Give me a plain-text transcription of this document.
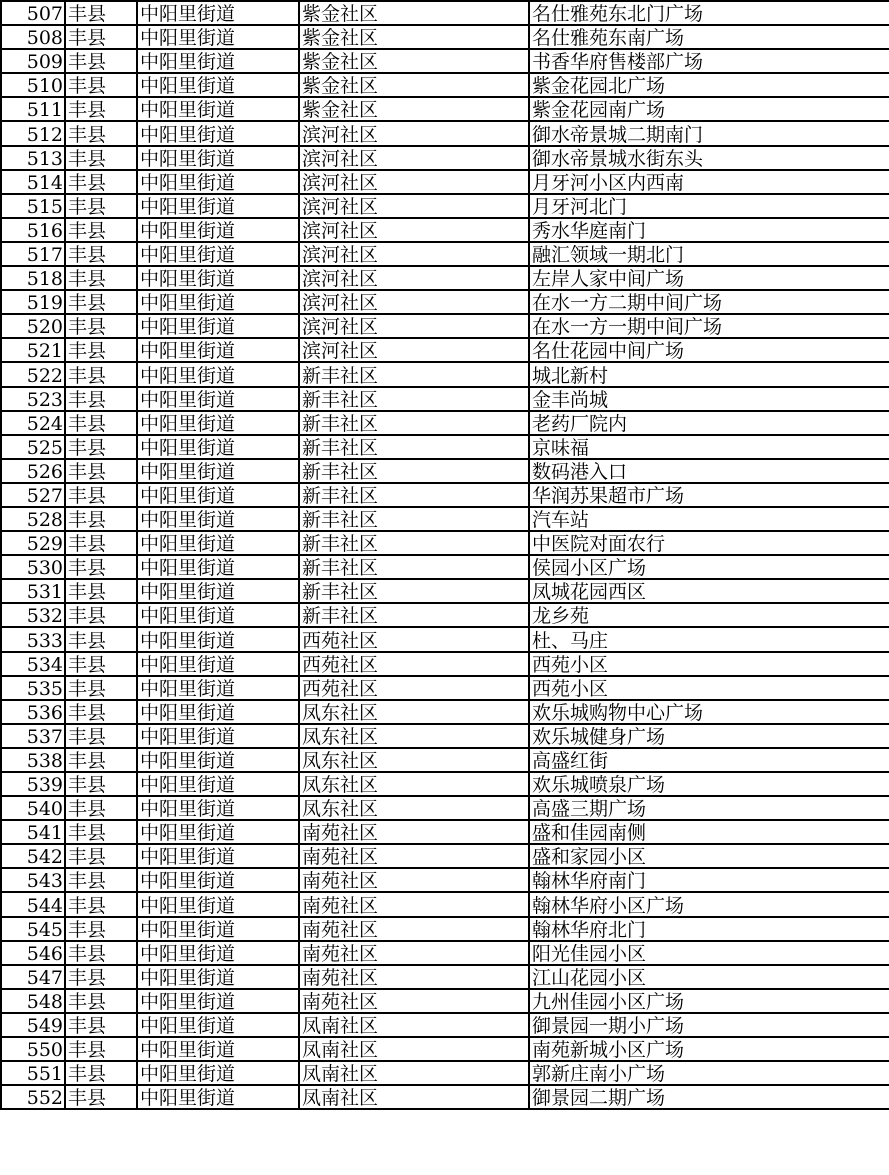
507	丰县	中阳里街道	紫金社区	名仕雅苑东北门广场
508	丰县	中阳里街道	紫金社区	名仕雅苑东南广场
509	丰县	中阳里街道	紫金社区	书香华府售楼部广场
510	丰县	中阳里街道	紫金社区	紫金花园北广场
511	丰县	中阳里街道	紫金社区	紫金花园南广场
512	丰县	中阳里街道	滨河社区	御水帝景城二期南门
513	丰县	中阳里街道	滨河社区	御水帝景城水街东头
514	丰县	中阳里街道	滨河社区	月牙河小区内西南
515	丰县	中阳里街道	滨河社区	月牙河北门
516	丰县	中阳里街道	滨河社区	秀水华庭南门
517	丰县	中阳里街道	滨河社区	融汇领域一期北门
518	丰县	中阳里街道	滨河社区	左岸人家中间广场
519	丰县	中阳里街道	滨河社区	在水一方二期中间广场
520	丰县	中阳里街道	滨河社区	在水一方一期中间广场
521	丰县	中阳里街道	滨河社区	名仕花园中间广场
522	丰县	中阳里街道	新丰社区	城北新村
523	丰县	中阳里街道	新丰社区	金丰尚城
524	丰县	中阳里街道	新丰社区	老药厂院内
525	丰县	中阳里街道	新丰社区	京味福
526	丰县	中阳里街道	新丰社区	数码港入口
527	丰县	中阳里街道	新丰社区	华润苏果超市广场
528	丰县	中阳里街道	新丰社区	汽车站
529	丰县	中阳里街道	新丰社区	中医院对面农行
530	丰县	中阳里街道	新丰社区	侯园小区广场
531	丰县	中阳里街道	新丰社区	凤城花园西区
532	丰县	中阳里街道	新丰社区	龙乡苑
533	丰县	中阳里街道	西苑社区	杜、马庄
534	丰县	中阳里街道	西苑社区	西苑小区
535	丰县	中阳里街道	西苑社区	西苑小区
536	丰县	中阳里街道	凤东社区	欢乐城购物中心广场
537	丰县	中阳里街道	凤东社区	欢乐城健身广场
538	丰县	中阳里街道	凤东社区	高盛红街
539	丰县	中阳里街道	凤东社区	欢乐城喷泉广场
540	丰县	中阳里街道	凤东社区	高盛三期广场
541	丰县	中阳里街道	南苑社区	盛和佳园南侧
542	丰县	中阳里街道	南苑社区	盛和家园小区
543	丰县	中阳里街道	南苑社区	翰林华府南门
544	丰县	中阳里街道	南苑社区	翰林华府小区广场
545	丰县	中阳里街道	南苑社区	翰林华府北门
546	丰县	中阳里街道	南苑社区	阳光佳园小区
547	丰县	中阳里街道	南苑社区	江山花园小区
548	丰县	中阳里街道	南苑社区	九州佳园小区广场
549	丰县	中阳里街道	凤南社区	御景园一期小广场
550	丰县	中阳里街道	凤南社区	南苑新城小区广场
551	丰县	中阳里街道	凤南社区	郭新庄南小广场
552	丰县	中阳里街道	凤南社区	御景园二期广场
